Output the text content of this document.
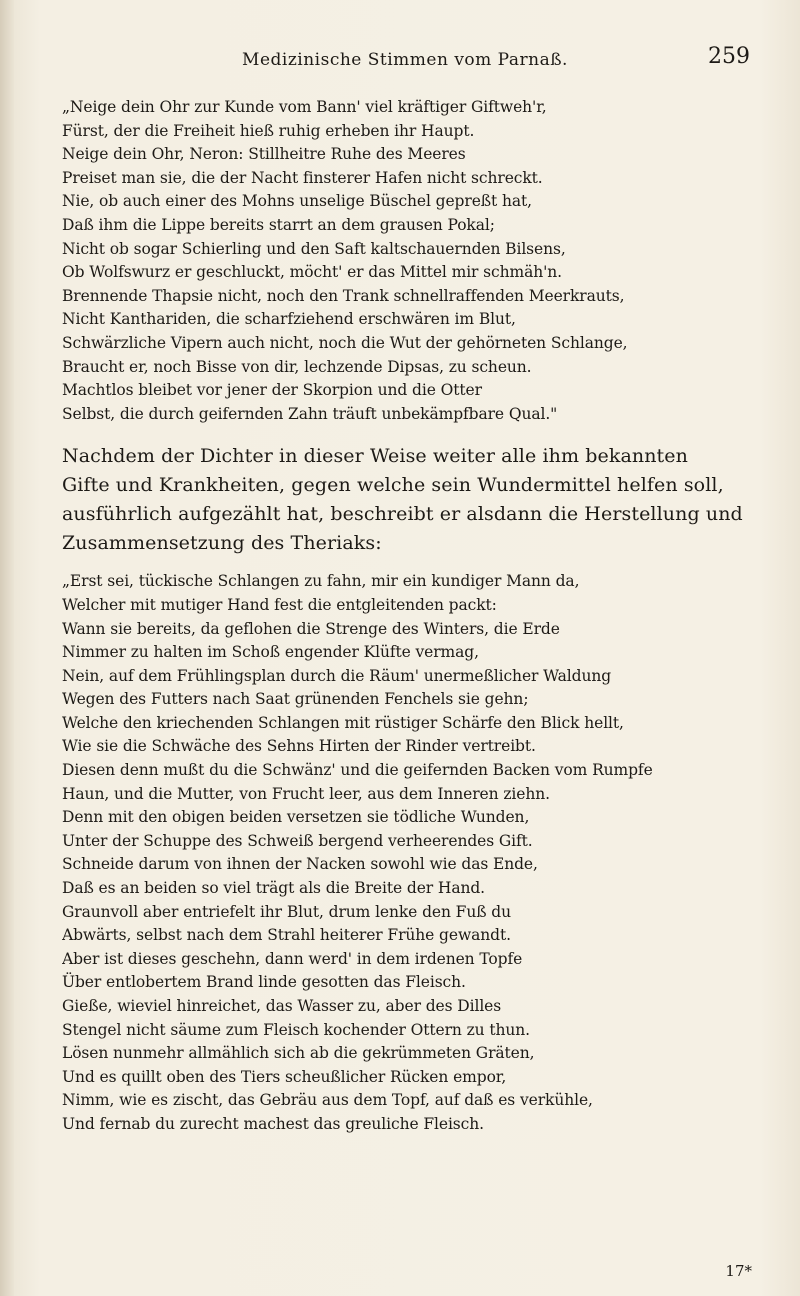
Medizinische Stimmen vom Parnaß.	259

„Neige dein Ohr zur Kunde vom Bann' viel kräftiger Giftweh'r,

Fürst, der die Freiheit hieß ruhig erheben ihr Haupt.

Neige dein Ohr, Neron: Stillheitre Ruhe des Meeres

Preiset man sie, die der Nacht finsterer Hafen nicht schreckt.

Nie, ob auch einer des Mohns unselige Büschel gepreßt hat,

Daß ihm die Lippe bereits starrt an dem grausen Pokal;

Nicht ob sogar Schierling und den Saft kaltschauernden Bilsens,

Ob Wolfswurz er geschluckt, möcht' er das Mittel mir schmäh'n.

Brennende Thapsie nicht, noch den Trank schnellraffenden Meerkrauts,

Nicht Kanthariden, die scharfziehend erschwären im Blut,

Schwärzliche Vipern auch nicht, noch die Wut der gehörneten Schlange,

Braucht er, noch Bisse von dir, lechzende Dipsas, zu scheun.

Machtlos bleibet vor jener der Skorpion und die Otter

Selbst, die durch geifernden Zahn träuft unbekämpfbare Qual."

Nachdem der Dichter in dieser Weise weiter alle ihm bekannten

Gifte und Krankheiten, gegen welche sein Wundermittel helfen soll,

ausführlich aufgezählt hat, beschreibt er alsdann die Herstellung und

Zusammensetzung des Theriaks:

„Erst sei, tückische Schlangen zu fahn, mir ein kundiger Mann da,

Welcher mit mutiger Hand fest die entgleitenden packt:

Wann sie bereits, da geflohen die Strenge des Winters, die Erde

Nimmer zu halten im Schoß engender Klüfte vermag,

Nein, auf dem Frühlingsplan durch die Räum' unermeßlicher Waldung

Wegen des Futters nach Saat grünenden Fenchels sie gehn;

Welche den kriechenden Schlangen mit rüstiger Schärfe den Blick hellt,

Wie sie die Schwäche des Sehns Hirten der Rinder vertreibt.

Diesen denn mußt du die Schwänz' und die geifernden Backen vom Rumpfe

Haun, und die Mutter, von Frucht leer, aus dem Inneren ziehn.

Denn mit den obigen beiden versetzen sie tödliche Wunden,

Unter der Schuppe des Schweiß bergend verheerendes Gift.

Schneide darum von ihnen der Nacken sowohl wie das Ende,

Daß es an beiden so viel trägt als die Breite der Hand.

Graunvoll aber entriefelt ihr Blut, drum lenke den Fuß du

Abwärts, selbst nach dem Strahl heiterer Frühe gewandt.

Aber ist dieses geschehn, dann werd' in dem irdenen Topfe

Über entlobertem Brand linde gesotten das Fleisch.

Gieße, wieviel hinreichet, das Wasser zu, aber des Dilles

Stengel nicht säume zum Fleisch kochender Ottern zu thun.

Lösen nunmehr allmählich sich ab die gekrümmeten Gräten,

Und es quillt oben des Tiers scheußlicher Rücken empor,

Nimm, wie es zischt, das Gebräu aus dem Topf, auf daß es verkühle,

Und fernab du zurecht machest das greuliche Fleisch.

17*
